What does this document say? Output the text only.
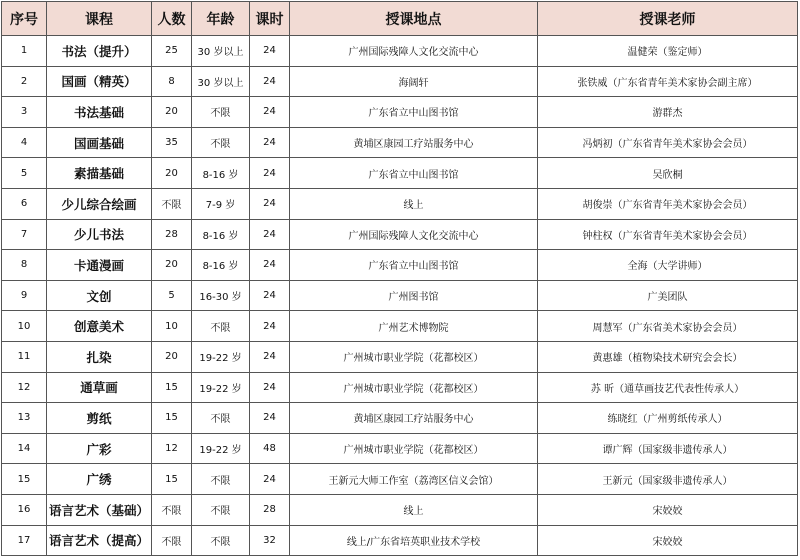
序号	课程	人数	年龄	课时	授课地点	授课老师
1	书法（提升）	25	30 岁以上	24	广州国际残障人文化交流中心	温健荣（鉴定师）
2	国画（精英）	8	30 岁以上	24	海阔轩	张铁威（广东省青年美术家协会副主席）
3	书法基础	20	不限	24	广东省立中山图书馆	游群杰
4	国画基础	35	不限	24	黄埔区康园工疗站服务中心	冯炳初（广东省青年美术家协会会员）
5	素描基础	20	8-16 岁	24	广东省立中山图书馆	吴欣桐
6	少儿综合绘画	不限	7-9 岁	24	线上	胡俊崇（广东省青年美术家协会会员）
7	少儿书法	28	8-16 岁	24	广州国际残障人文化交流中心	钟柱权（广东省青年美术家协会会员）
8	卡通漫画	20	8-16 岁	24	广东省立中山图书馆	全海（大学讲师）
9	文创	5	16-30 岁	24	广州图书馆	广美团队
10	创意美术	10	不限	24	广州艺术博物院	周慧军（广东省美术家协会会员）
11	扎染	20	19-22 岁	24	广州城市职业学院（花都校区）	黄惠雄（植物染技术研究会会长）
12	通草画	15	19-22 岁	24	广州城市职业学院（花都校区）	苏 昕（通草画技艺代表性传承人）
13	剪纸	15	不限	24	黄埔区康园工疗站服务中心	练晓红（广州剪纸传承人）
14	广彩	12	19-22 岁	48	广州城市职业学院（花都校区）	谭广辉（国家级非遗传承人）
15	广绣	15	不限	24	王新元大师工作室（荔湾区信义会馆）	王新元（国家级非遗传承人）
16	语言艺术（基础）	不限	不限	28	线上	宋姣姣
17	语言艺术（提高）	不限	不限	32	线上/广东省培英职业技术学校	宋姣姣
